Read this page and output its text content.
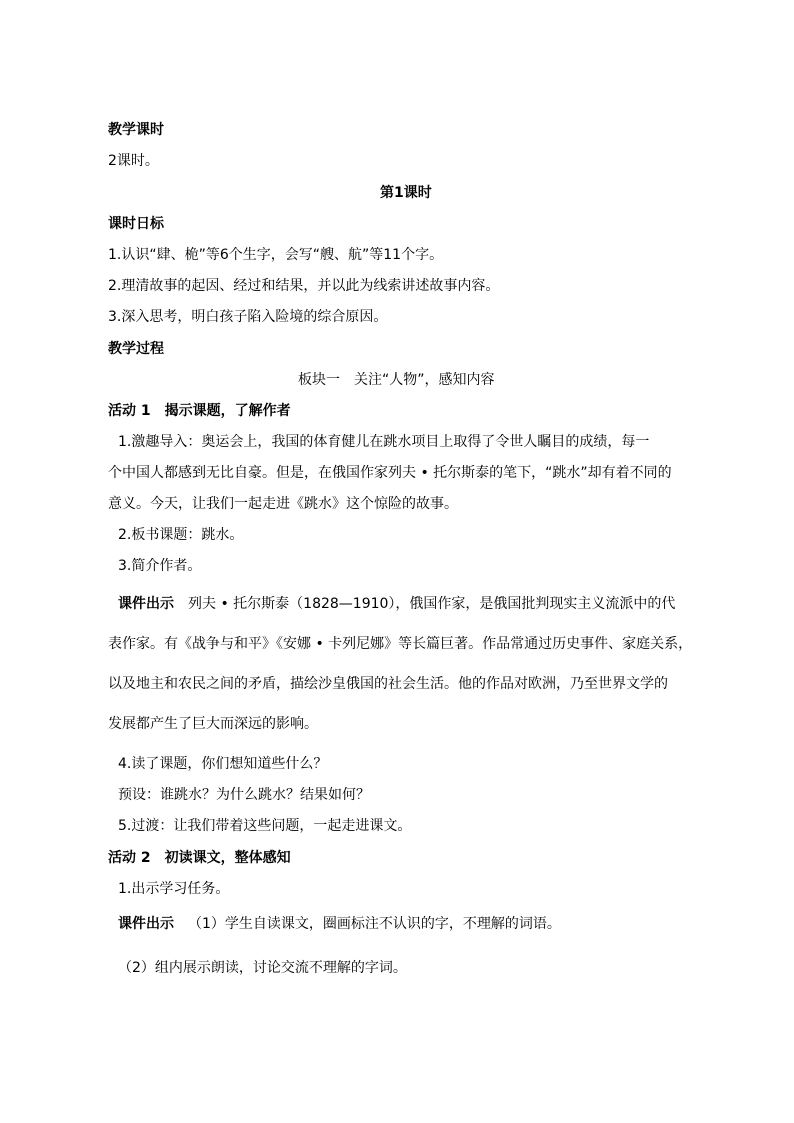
教学课时
2课时。
第1课时
课时日标
1.认识“肆、桅”等6个生字，会写“艘、航”等11个字。
2.理清故事的起因、经过和结果，并以此为线索讲述故事内容。
3.深入思考，明白孩子陷入险境的综合原因。
教学过程
板块一 关注“人物”，感知内容
活动 1 揭示课题，了解作者
1.激趣导入：奥运会上，我国的体育健儿在跳水项目上取得了令世人瞩目的成绩，每一
个中国人都感到无比自豪。但是，在俄国作家列夫 • 托尔斯泰的笔下，“跳水”却有着不同的
意义。今天，让我们一起走进《跳水》这个惊险的故事。
2.板书课题：跳水。
3.简介作者。
课件出示 列夫 • 托尔斯泰（1828—1910），俄国作家，是俄国批判现实主义流派中的代
表作家。有《战争与和平》《安娜 • 卡列尼娜》等长篇巨著。作品常通过历史事件、家庭关系，
以及地主和农民之间的矛盾，描绘沙皇俄国的社会生活。他的作品对欧洲，乃至世界文学的
发展都产生了巨大而深远的影响。
4.读了课题，你们想知道些什么？
预设：谁跳水？为什么跳水？结果如何？
5.过渡：让我们带着这些问题，一起走进课文。
活动 2 初读课文，整体感知
1.出示学习任务。
课件出示 （1）学生自读课文，圈画标注不认识的字，不理解的词语。
（2）组内展示朗读，讨论交流不理解的字词。
